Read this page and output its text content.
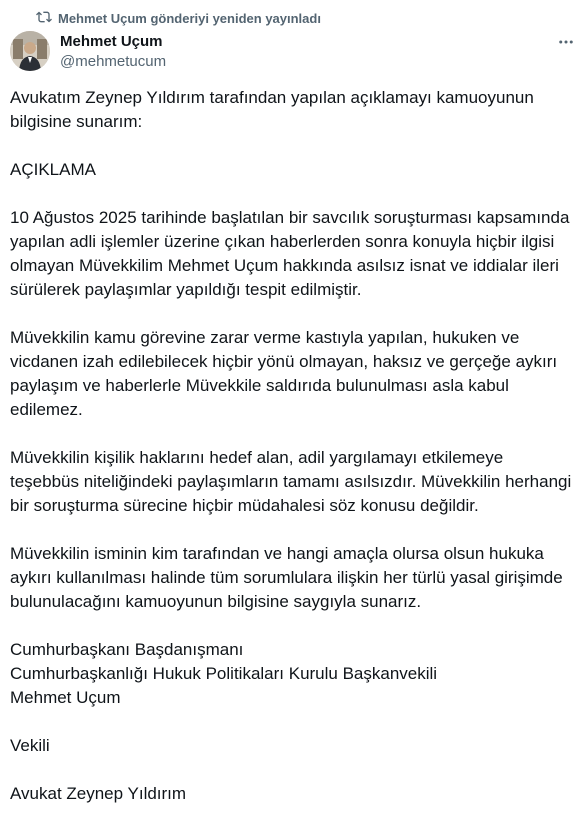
Mehmet Uçum gönderiyi yeniden yayınladı
Mehmet Uçum
@mehmetucum

Avukatım Zeynep Yıldırım tarafından yapılan açıklamayı kamuoyunun bilgisine sunarım:

AÇIKLAMA

10 Ağustos 2025 tarihinde başlatılan bir savcılık soruşturması kapsamında yapılan adli işlemler üzerine çıkan haberlerden sonra konuyla hiçbir ilgisi olmayan Müvekkilim Mehmet Uçum hakkında asılsız isnat ve iddialar ileri sürülerek paylaşımlar yapıldığı tespit edilmiştir.

Müvekkilin kamu görevine zarar verme kastıyla yapılan, hukuken ve vicdanen izah edilebilecek hiçbir yönü olmayan, haksız ve gerçeğe aykırı paylaşım ve haberlerle Müvekkile saldırıda bulunulması asla kabul edilemez.

Müvekkilin kişilik haklarını hedef alan, adil yargılamayı etkilemeye teşebbüs niteliğindeki paylaşımların tamamı asılsızdır. Müvekkilin herhangi bir soruşturma sürecine hiçbir müdahalesi söz konusu değildir.

Müvekkilin isminin kim tarafından ve hangi amaçla olursa olsun hukuka aykırı kullanılması halinde tüm sorumlulara ilişkin her türlü yasal girişimde bulunulacağını kamuoyunun bilgisine saygıyla sunarız.

Cumhurbaşkanı Başdanışmanı
Cumhurbaşkanlığı Hukuk Politikaları Kurulu Başkanvekili
Mehmet Uçum

Vekili

Avukat Zeynep Yıldırım
